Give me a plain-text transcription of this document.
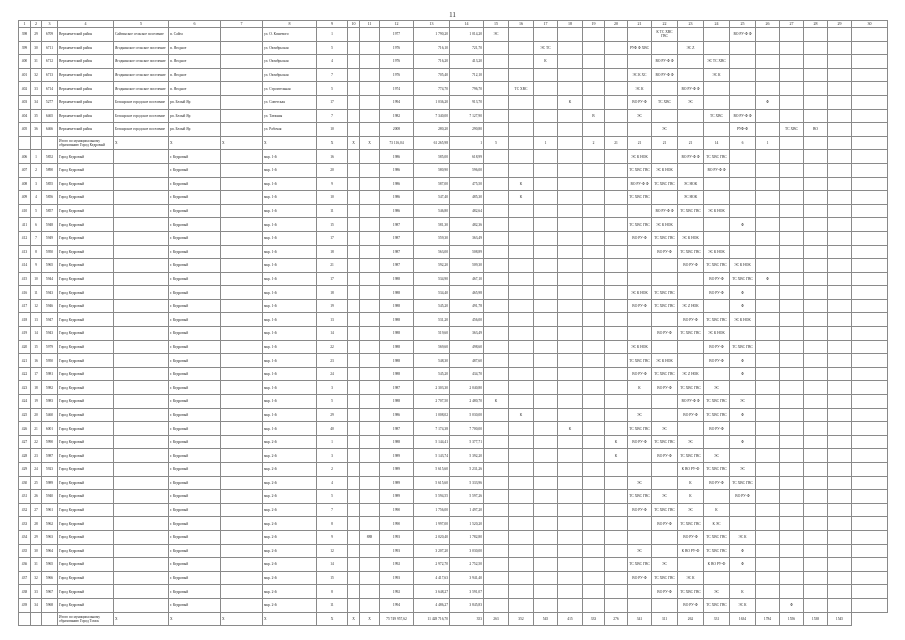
11
1	2	3	4	5	6	7	8	9	10	11	12	13	14	15	16	17	18	19	20	21	22	23	24	25	26	27	28	29	30
398	29	6709	Верхнекетский район	Сайгинское сельское поселение	п. Сайга		ул. О. Кошевого	1			1977	1 790,20	1 014,20	ЭС							К ТС ХВС ГВС			ВО РУ-Ф Ф					
399	30	6711	Верхнекетский район	Ягоднинское сельское поселение	п. Ягодное		ул. Октябрьская	5			1976	716,10	721,70			ЭС ТС				РУФ Ф ХВС		ЭС Z							
400	31	6712	Верхнекетский район	Ягоднинское сельское поселение	п. Ягодное		ул. Октябрьская	4			1976	716,20	413,20			К					ВО РУ-Ф Ф		ЭС ТС ХВС						
401	32	6713	Верхнекетский район	Ягоднинское сельское поселение	п. Ягодное		ул. Октябрьская	7			1976	705,40	712,10							ЭС К ХС	ВО РУ-Ф Ф		ЭС К						
402	33	6714	Верхнекетский район	Ягоднинское сельское поселение	п. Ягодное		ул. Строительная	5			1974	774,70	796,70		ТС ХВС					ЭС К		ВО РУ-Ф Ф							
403	34	5277	Верхнекетский район	Белоярское городское поселение	рп. Белый Яр		ул. Советская	17			1994	1 036,20	913,70				К			ВО РУ-Ф	ТС ХВС	ЭС			Ф				
404	35	6465	Верхнекетский район	Белоярское городское поселение	рп. Белый Яр		ул. Таежная	7			1982	7 340,00	7 127,90					В		ЭС			ТС ХВС	ВО РУ-Ф Ф					
405	36	6466	Верхнекетский район	Белоярское городское поселение	рп. Белый Яр		ул. Рабочая	10			2008	280,20	290,80								ЭС			РУФ-Ф		ТС ХВС	ВО		
			Итого по муниципальному образованию Город Кедровый	Х	Х	Х	Х	Х	Х	Х	73 116,04	61 265,98	1	5		1		2	21	21	21	21	14	6	1				
406	1	5852	Город Кедровый		г. Кедровый		мкр. 1-й	16			1986	585,00	618,99							ЭС К НОК		ВО РУ-Ф Ф	ТС ХВС ГВС						
407	2	5890	Город Кедровый		г. Кедровый		мкр. 1-й	20			1986	580,90	596,00							ТС ХВС ГВС	ЭС К НОК		ВО РУ-Ф Ф						
408	3	5855	Город Кедровый		г. Кедровый		мкр. 1-й	9			1986	587,00	475,50		К					ВО РУ-Ф Ф	ТС ХВС ГВС	ЭС НОК							
409	4	5856	Город Кедровый		г. Кедровый		мкр. 1-й	10			1986	547,40	485,30		К					ТС ХВС ГВС		ЭС НОК							
410	5	5857	Город Кедровый		г. Кедровый		мкр. 1-й	11			1986	546,80	482,64								ВО РУ-Ф Ф	ТС ХВС ГВС	ЭС К НОК						
411	6	5948	Город Кедровый		г. Кедровый		мкр. 1-й	15			1987	581,30	482,36							ТС ХВС ГВС	ЭС К НОК			Ф					
412	7	5949	Город Кедровый		г. Кедровый		мкр. 1-й	17			1987	559,30	363,49							ВО РУ-Ф	ТС ХВС ГВС	ЭС К НОК							
413	8	5950	Город Кедровый		г. Кедровый		мкр. 1-й	18			1987	563,00	508,89								ВО РУ-Ф	ТС ХВС ГВС	ЭС К НОК						
414	9	5965	Город Кедровый		г. Кедровый		мкр. 1-й	21			1987	592,20	509,30									ВО РУ-Ф	ТС ХВС ГВС	ЭС К НОК					
415	10	5944	Город Кедровый		г. Кедровый		мкр. 1-й	17			1988	534,90	467,10										ВО РУ-Ф	ТС ХВС ГВС	Ф				
416	11	5943	Город Кедровый		г. Кедровый		мкр. 1-й	18			1988	534,40	465,98							ЭС К НОК	ТС ХВС ГВС		ВО РУ-Ф	Ф					
417	12	5946	Город Кедровый		г. Кедровый		мкр. 1-й	19			1988	545,20	491,78							ВО РУ-Ф	ТС ХВС ГВС	ЭС Z НОК		Ф					
418	13	5947	Город Кедровый		г. Кедровый		мкр. 1-й	13			1988	531,20	456,00									ВО РУ-Ф	ТС ХВС ГВС	ЭС К НОК					
419	14	5943	Город Кедровый		г. Кедровый		мкр. 1-й	14			1988	519,60	363,49								ВО РУ-Ф	ТС ХВС ГВС	ЭС К НОК						
420	15	5979	Город Кедровый		г. Кедровый		мкр. 1-й	22			1988	569,60	498,60							ЭС К НОК			ВО РУ-Ф	ТС ХВС ГВС					
421	16	5950	Город Кедровый		г. Кедровый		мкр. 1-й	23			1988	548,30	487,60							ТС ХВС ГВС	ЭС К НОК		ВО РУ-Ф	Ф					
422	17	5981	Город Кедровый		г. Кедровый		мкр. 1-й	24			1988	545,20	434,70							ВО РУ-Ф	ТС ХВС ГВС	ЭС Z НОК		Ф					
423	18	5982	Город Кедровый		г. Кедровый		мкр. 1-й	3			1987	2 303,30	2 040,80							К	ВО РУ-Ф	ТС ХВС ГВС	ЭС						
424	19	5983	Город Кедровый		г. Кедровый		мкр. 1-й	5			1988	2 707,50	2 480,70	К								ВО РУ-Ф Ф	ТС ХВС ГВС	ЭС					
425	20	5460	Город Кедровый		г. Кедровый		мкр. 1-й	29			1986	1 008,02	5 030,00		К					ЭС		ВО РУ-Ф	ТС ХВС ГВС	Ф					
426	21	6001	Город Кедровый		г. Кедровый		мкр. 1-й	40			1987	7 174,38	7 700,00				К			ТС ХВС ГВС	ЭС		ВО РУ-Ф						
427	22	5990	Город Кедровый		г. Кедровый		мкр. 2-й	1			1988	5 144,41	5 377,71						К	ВО РУ-Ф	ТС ХВС ГВС	ЭС		Ф					
428	23	5987	Город Кедровый		г. Кедровый		мкр. 2-й	3			1989	5 143,74	5 392,20						К		ВО РУ-Ф	ТС ХВС ГВС	ЭС						
429	24	5923	Город Кедровый		г. Кедровый		мкр. 2-й	2			1989	5 615,60	5 231,26									К ВО РУ-Ф	ТС ХВС ГВС	ЭС					
430	25	5989	Город Кедровый		г. Кедровый		мкр. 2-й	4			1989	5 615,60	5 333,96							ЭС		К	ВО РУ-Ф	ТС ХВС ГВС					
431	26	5940	Город Кедровый		г. Кедровый		мкр. 2-й	5			1989	5 594,55	5 597,26							ТС ХВС ГВС	ЭС	К		ВО РУ-Ф					
432	27	5961	Город Кедровый		г. Кедровый		мкр. 2-й	7			1990	1 756,00	1 497,20							ВО РУ-Ф	ТС ХВС ГВС	ЭС	К						
433	28	5962	Город Кедровый		г. Кедровый		мкр. 2-й	8			1990	1 997,00	1 520,20								ВО РУ-Ф	ТС ХВС ГВС	К ЭС						
434	29	5963	Город Кедровый		г. Кедровый		мкр. 2-й	9		888	1993	2 020,40	1 782,80									ВО РУ-Ф	ТС ХВС ГВС	ЭС К					
435	30	5964	Город Кедровый		г. Кедровый		мкр. 2-й	12			1993	3 207,20	3 030,00							ЭС		К ВО РУ-Ф	ТС ХВС ГВС	Ф					
436	31	5965	Город Кедровый		г. Кедровый		мкр. 2-й	14			1992	2 972,70	2 752,50							ТС ХВС ГВС	ЭС		К ВО РУ-Ф	Ф					
437	32	5966	Город Кедровый		г. Кедровый		мкр. 2-й	15			1993	4 417,63	3 941,40							ВО РУ-Ф	ТС ХВС ГВС	ЭС К							
438	33	5967	Город Кедровый		г. Кедровый		мкр. 2-й	8			1992	3 648,27	3 591,07								ВО РУ-Ф	ТС ХВС ГВС	ЭС	К					
439	34	5968	Город Кедровый		г. Кедровый		мкр. 2-й	11			1994	4 486,27	3 845,83									ВО РУ-Ф	ТС ХВС ГВС	ЭС К		Ф			
			Итого по муниципальному образованию Город Томск	Х	Х	Х	Х	Х	Х	Х	75 749 957,62	11 428 716,70	353	263	352	545	415	333	276	341	311	262	331	1634	1784	1556	1538	1545	
